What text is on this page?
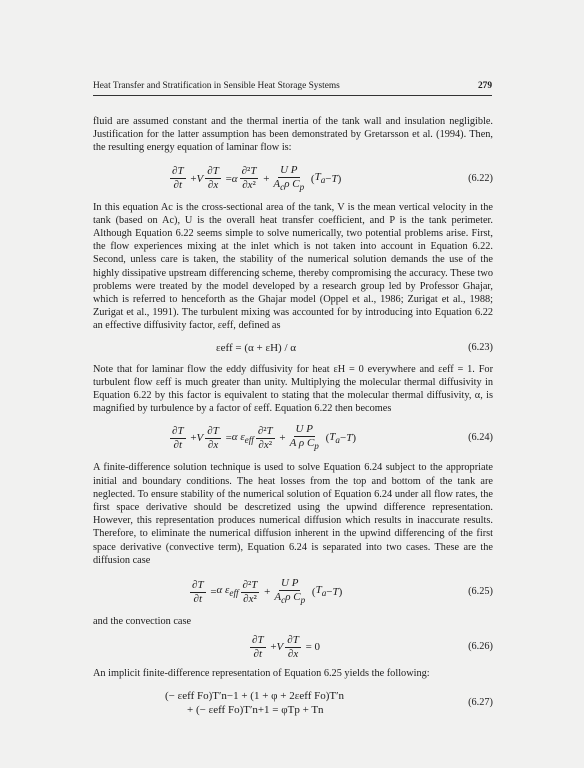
Heat Transfer and Stratification in Sensible Heat Storage Systems	279

fluid are assumed constant and the thermal inertia of the tank wall and insulation negligible. Justification for the latter assumption has been demonstrated by Gretarsson et al. (1994). Then, the resulting energy equation of laminar flow is:

$\frac{\partial T}{\partial t} + V \frac{\partial T}{\partial x} = \alpha \frac{\text{∂²T}}{\text{∂x²}} + \frac{\text{U P}}{A_c\rho C_p}$ ( $T_a - T$ )	(6.22)

In this equation Ac is the cross-sectional area of the tank, V is the mean vertical velocity in the tank (based on Ac), U is the overall heat transfer coefficient, and P is the tank perimeter. Although Equation 6.22 seems simple to solve numerically, two potential problems arise. First, the flow experiences mixing at the inlet which is not taken into account in Equation 6.22. Second, unless care is taken, the stability of the numerical solution demands the use of the highly dissipative upstream differencing scheme, thereby compromising the accuracy. These two problems were treated by the model developed by a research group led by Professor Ghajar, which is referred to henceforth as the Ghajar model (Oppel et al., 1986; Zurigat et al., 1988; Zurigat et al., 1991). The turbulent mixing was accounted for by introducing into Equation 6.22 an effective diffusivity factor, εeff, defined as

εeff = (α + εH) / α	(6.23)

Note that for laminar flow the eddy diffusivity for heat εH = 0 everywhere and εeff = 1. For turbulent flow εeff is much greater than unity. Multiplying the molecular thermal diffusivity in Equation 6.22 by this factor is equivalent to stating that the molecular thermal diffusivity, α, is magnified by turbulence by a factor of εeff. Equation 6.22 then becomes

$\frac{\partial T}{\partial t} + V \frac{\partial T}{\partial x} = \alpha$ $\varepsilon_{eff} \frac{\text{∂²T}}{\text{∂x²}} + \frac{\text{U P}}{A \rho C_p}$ ( $T_a - T$ )	(6.24)

A finite-difference solution technique is used to solve Equation 6.24 subject to the appropriate initial and boundary conditions. The heat losses from the top and bottom of the tank are neglected. To ensure stability of the numerical solution of Equation 6.24 under all flow rates, the first space derivative should be descretized using the upwind difference representation. However, this representation produces numerical diffusion which results in inaccurate results. Therefore, to eliminate the numerical diffusion inherent in the upwind differencing of the first space derivative (convective term), Equation 6.24 is separated into two cases. These are the diffusion case

$\frac{\partial T}{\partial t} = \alpha$ $\varepsilon_{eff} \frac{\text{∂²T}}{\text{∂x²}} + \frac{\text{U P}}{A_c\rho C_p}$ ( $T_a - T$ )	(6.25)

and the convection case

$\frac{\partial T}{\partial t} + V \frac{\partial T}{\partial x} = 0$	(6.26)

An implicit finite-difference representation of Equation 6.25 yields the following:

(− εeff Fo)T′n−1 + (1 + φ + 2εeff Fo)T′n
+ (− εeff Fo)T′n+1 = φTp + Tn
(6.27)
